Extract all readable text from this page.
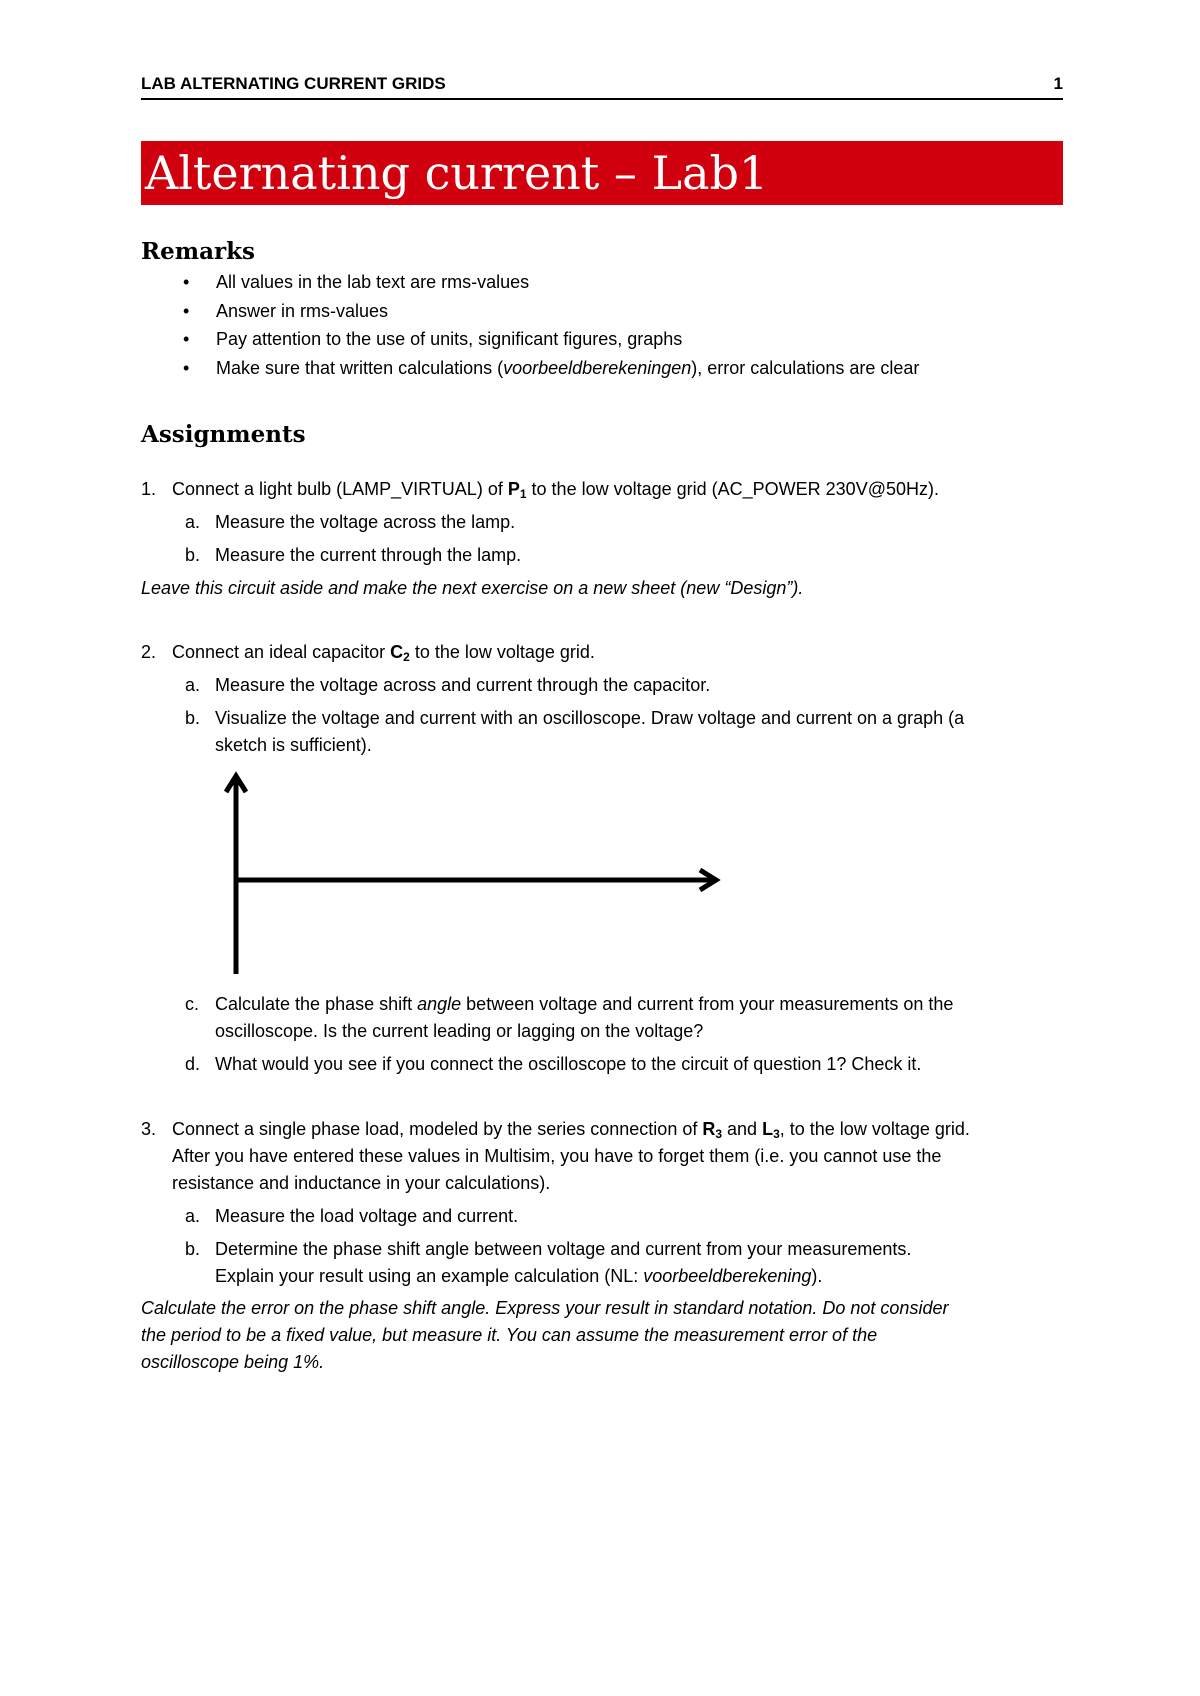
LAB ALTERNATING CURRENT GRIDS	1
Alternating current – Lab1
Remarks
• All values in the lab text are rms-values
• Answer in rms-values
• Pay attention to the use of units, significant figures, graphs
• Make sure that written calculations (voorbeeldberekeningen), error calculations are clear
Assignments
1. Connect a light bulb (LAMP_VIRTUAL) of $P_1$ to the low voltage grid (AC_POWER 230V@50Hz).
a. Measure the voltage across the lamp.
b. Measure the current through the lamp.
Leave this circuit aside and make the next exercise on a new sheet (new “Design”).
2. Connect an ideal capacitor $C_2$ to the low voltage grid.
a. Measure the voltage across and current through the capacitor.
b. Visualize the voltage and current with an oscilloscope. Draw voltage and current on a graph (a
sketch is sufficient).
c. Calculate the phase shift angle between voltage and current from your measurements on the
oscilloscope. Is the current leading or lagging on the voltage?
d. What would you see if you connect the oscilloscope to the circuit of question 1? Check it.
3. Connect a single phase load, modeled by the series connection of $R_3$ and $L_3$, to the low voltage grid.
After you have entered these values in Multisim, you have to forget them (i.e. you cannot use the
resistance and inductance in your calculations).
a. Measure the load voltage and current.
b. Determine the phase shift angle between voltage and current from your measurements.
Explain your result using an example calculation (NL: voorbeeldberekening).
Calculate the error on the phase shift angle. Express your result in standard notation. Do not consider
the period to be a fixed value, but measure it. You can assume the measurement error of the
oscilloscope being 1%.
